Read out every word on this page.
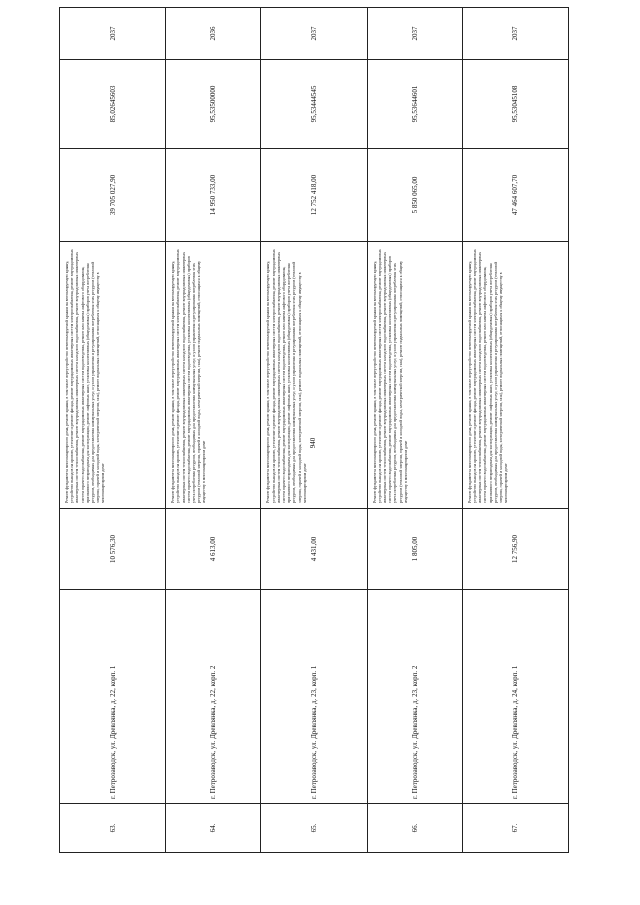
940
63.	г. Петрозаводск, ул. Древлянка, д. 22, корп. 1	10 576,30	Ремонт фундамента многоквартирного дома, ремонт крыши, в том числе переустройство невентилируемой крыши на вентилируемую крышу, устройство выходов на кровлю, утепление и ремонт фасада, ремонт внутридомовых инженерных систем электроснабжения, ремонт внутридомовых инженерных систем теплоснабжения, ремонт внутридомовых инженерных систем холодного водоснабжения, ремонт внутридомовых инженерных систем горячего водоснабжения, ремонт внутридомовых инженерных систем водоотведения, ремонт или замена лифтового оборудования, признанного непригодным для эксплуатации, ремонт лифтовых шахт, установка коллективных (общедомовых) приборов учета потребления ресурсов, необходимых для предоставления коммунальных услуг, и узлов управления и регулирования потребления этих ресурсов (тепловой энергии, горячей и холодной воды, электрической энергии, газа), ремонт подвальных помещений, относящихся к общему имуществу в многоквартирном доме	39 705 027,90	85,02645603	2037
64.	г. Петрозаводск, ул. Древлянка, д. 22, корп. 2	4 613,00	Ремонт фундамента многоквартирного дома, ремонт крыши, в том числе переустройство невентилируемой крыши на вентилируемую крышу, устройство выходов на кровлю, утепление и ремонт фасада, ремонт внутридомовых инженерных систем электроснабжения, ремонт внутридомовых инженерных систем теплоснабжения, ремонт внутридомовых инженерных систем холодного водоснабжения, ремонт внутридомовых инженерных систем горячего водоснабжения, ремонт внутридомовых инженерных систем водоотведения, установка коллективных (общедомовых) приборов учета потребления ресурсов, необходимых для предоставления коммунальных услуг, и узлов управления и регулирования потребления этих ресурсов (тепловой энергии, горячей и холодной воды, электрической энергии, газа), ремонт подвальных помещений, относящихся к общему имуществу в многоквартирном доме	14 950 733,00	95,53500000	2036
65.	г. Петрозаводск, ул. Древлянка, д. 23, корп. 1	4 431,00	Ремонт фундамента многоквартирного дома, ремонт крыши, в том числе переустройство невентилируемой крыши на вентилируемую крышу, устройство выходов на кровлю, утепление и ремонт фасада, ремонт внутридомовых инженерных систем электроснабжения, ремонт внутридомовых инженерных систем теплоснабжения, ремонт внутридомовых инженерных систем холодного водоснабжения, ремонт внутридомовых инженерных систем горячего водоснабжения, ремонт внутридомовых инженерных систем водоотведения, ремонт или замена лифтового оборудования, признанного непригодным для эксплуатации, ремонт лифтовых шахт, установка коллективных (общедомовых) приборов учета потребления ресурсов, необходимых для предоставления коммунальных услуг, и узлов управления и регулирования потребления этих ресурсов (тепловой энергии, горячей и холодной воды, электрической энергии, газа), ремонт подвальных помещений, относящихся к общему имуществу в многоквартирном доме	12 752 418,00	95,53444545	2037
66.	г. Петрозаводск, ул. Древлянка, д. 23, корп. 2	1 805,00	Ремонт фундамента многоквартирного дома, ремонт крыши, в том числе переустройство невентилируемой крыши на вентилируемую крышу, устройство выходов на кровлю, утепление и ремонт фасада, ремонт внутридомовых инженерных систем электроснабжения, ремонт внутридомовых инженерных систем теплоснабжения, ремонт внутридомовых инженерных систем холодного водоснабжения, ремонт внутридомовых инженерных систем горячего водоснабжения, ремонт внутридомовых инженерных систем водоотведения, установка коллективных (общедомовых) приборов учета потребления ресурсов, необходимых для предоставления коммунальных услуг, и узлов управления и регулирования потребления этих ресурсов (тепловой энергии, горячей и холодной воды, электрической энергии, газа), ремонт подвальных помещений, относящихся к общему имуществу в многоквартирном доме	5 850 065,00	95,53644601	2037
67.	г. Петрозаводск, ул. Древлянка, д. 24, корп. 1	12 756,90	Ремонт фундамента многоквартирного дома, ремонт крыши, в том числе переустройство невентилируемой крыши на вентилируемую крышу, устройство выходов на кровлю, утепление и ремонт фасада, ремонт внутридомовых инженерных систем электроснабжения, ремонт внутридомовых инженерных систем теплоснабжения, ремонт внутридомовых инженерных систем холодного водоснабжения, ремонт внутридомовых инженерных систем горячего водоснабжения, ремонт внутридомовых инженерных систем водоотведения, ремонт или замена лифтового оборудования, признанного непригодным для эксплуатации, ремонт лифтовых шахт, установка коллективных (общедомовых) приборов учета потребления ресурсов, необходимых для предоставления коммунальных услуг, и узлов управления и регулирования потребления этих ресурсов (тепловой энергии, горячей и холодной воды, электрической энергии, газа), ремонт подвальных помещений, относящихся к общему имуществу в многоквартирном доме	47 464 607,70	95,53045108	2037
